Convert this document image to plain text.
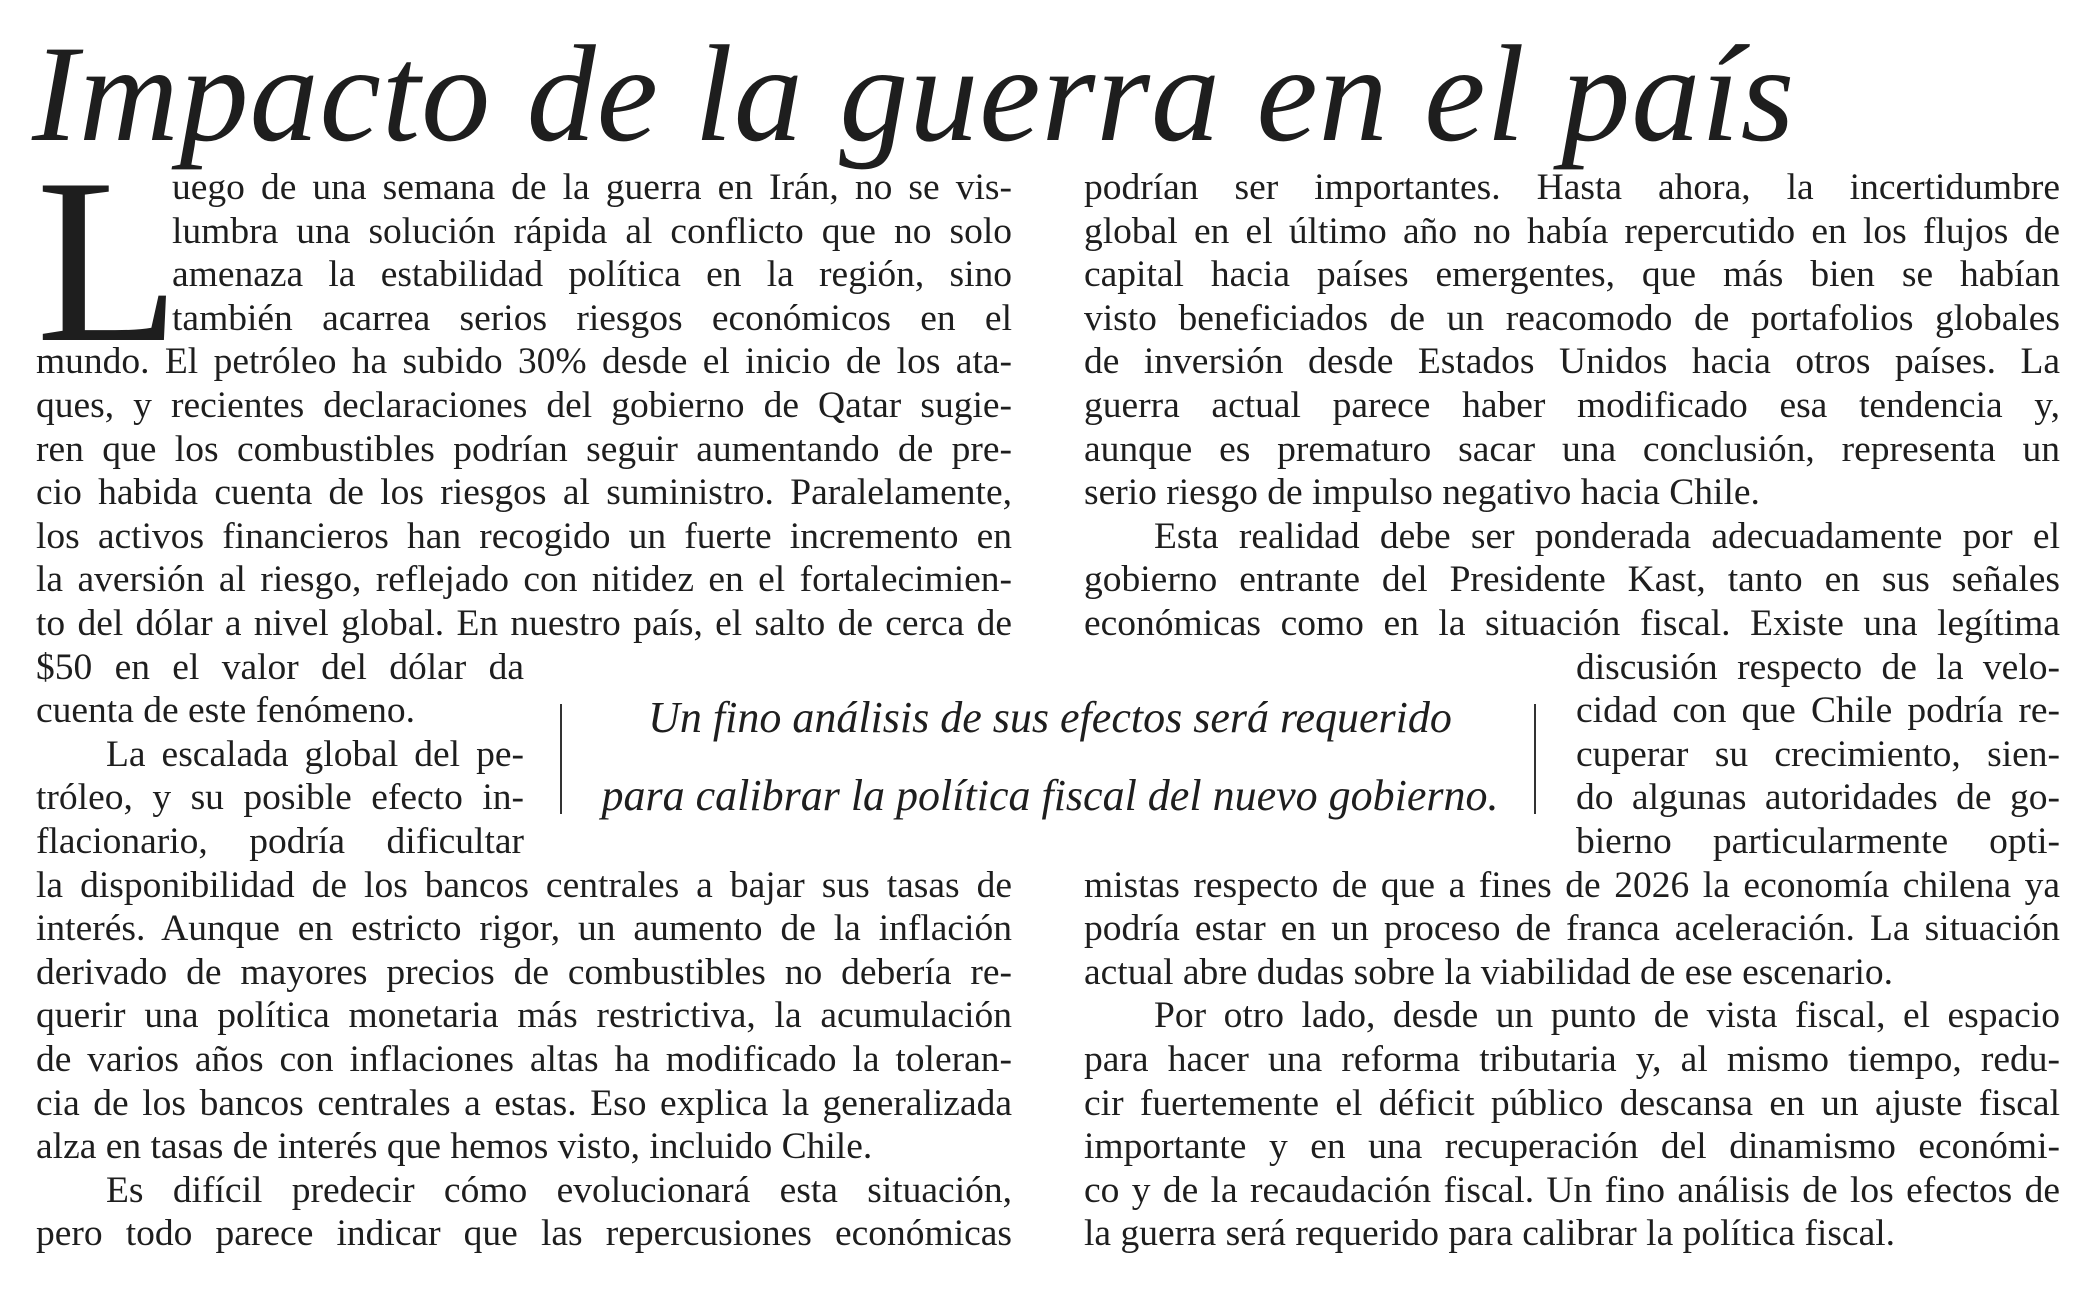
Impacto de la guerra en el país
L
uego de una semana de la guerra en Irán, no se vis-
lumbra una solución rápida al conflicto que no solo
amenaza la estabilidad política en la región, sino
también acarrea serios riesgos económicos en el
mundo. El petróleo ha subido 30% desde el inicio de los ata-
ques, y recientes declaraciones del gobierno de Qatar sugie-
ren que los combustibles podrían seguir aumentando de pre-
cio habida cuenta de los riesgos al suministro. Paralelamente,
los activos financieros han recogido un fuerte incremento en
la aversión al riesgo, reflejado con nitidez en el fortalecimien-
to del dólar a nivel global. En nuestro país, el salto de cerca de
$50 en el valor del dólar da
cuenta de este fenómeno.
La escalada global del pe-
tróleo, y su posible efecto in-
flacionario, podría dificultar
la disponibilidad de los bancos centrales a bajar sus tasas de
interés. Aunque en estricto rigor, un aumento de la inflación
derivado de mayores precios de combustibles no debería re-
querir una política monetaria más restrictiva, la acumulación
de varios años con inflaciones altas ha modificado la toleran-
cia de los bancos centrales a estas. Eso explica la generalizada
alza en tasas de interés que hemos visto, incluido Chile.
Es difícil predecir cómo evolucionará esta situación,
pero todo parece indicar que las repercusiones económicas
podrían ser importantes. Hasta ahora, la incertidumbre
global en el último año no había repercutido en los flujos de
capital hacia países emergentes, que más bien se habían
visto beneficiados de un reacomodo de portafolios globales
de inversión desde Estados Unidos hacia otros países. La
guerra actual parece haber modificado esa tendencia y,
aunque es prematuro sacar una conclusión, representa un
serio riesgo de impulso negativo hacia Chile.
Esta realidad debe ser ponderada adecuadamente por el
gobierno entrante del Presidente Kast, tanto en sus señales
económicas como en la situación fiscal. Existe una legítima
discusión respecto de la velo-
cidad con que Chile podría re-
cuperar su crecimiento, sien-
do algunas autoridades de go-
bierno particularmente opti-
mistas respecto de que a fines de 2026 la economía chilena ya
podría estar en un proceso de franca aceleración. La situación
actual abre dudas sobre la viabilidad de ese escenario.
Por otro lado, desde un punto de vista fiscal, el espacio
para hacer una reforma tributaria y, al mismo tiempo, redu-
cir fuertemente el déficit público descansa en un ajuste fiscal
importante y en una recuperación del dinamismo económi-
co y de la recaudación fiscal. Un fino análisis de los efectos de
la guerra será requerido para calibrar la política fiscal.
Un fino análisis de sus efectos será requerido
para calibrar la política fiscal del nuevo gobierno.
